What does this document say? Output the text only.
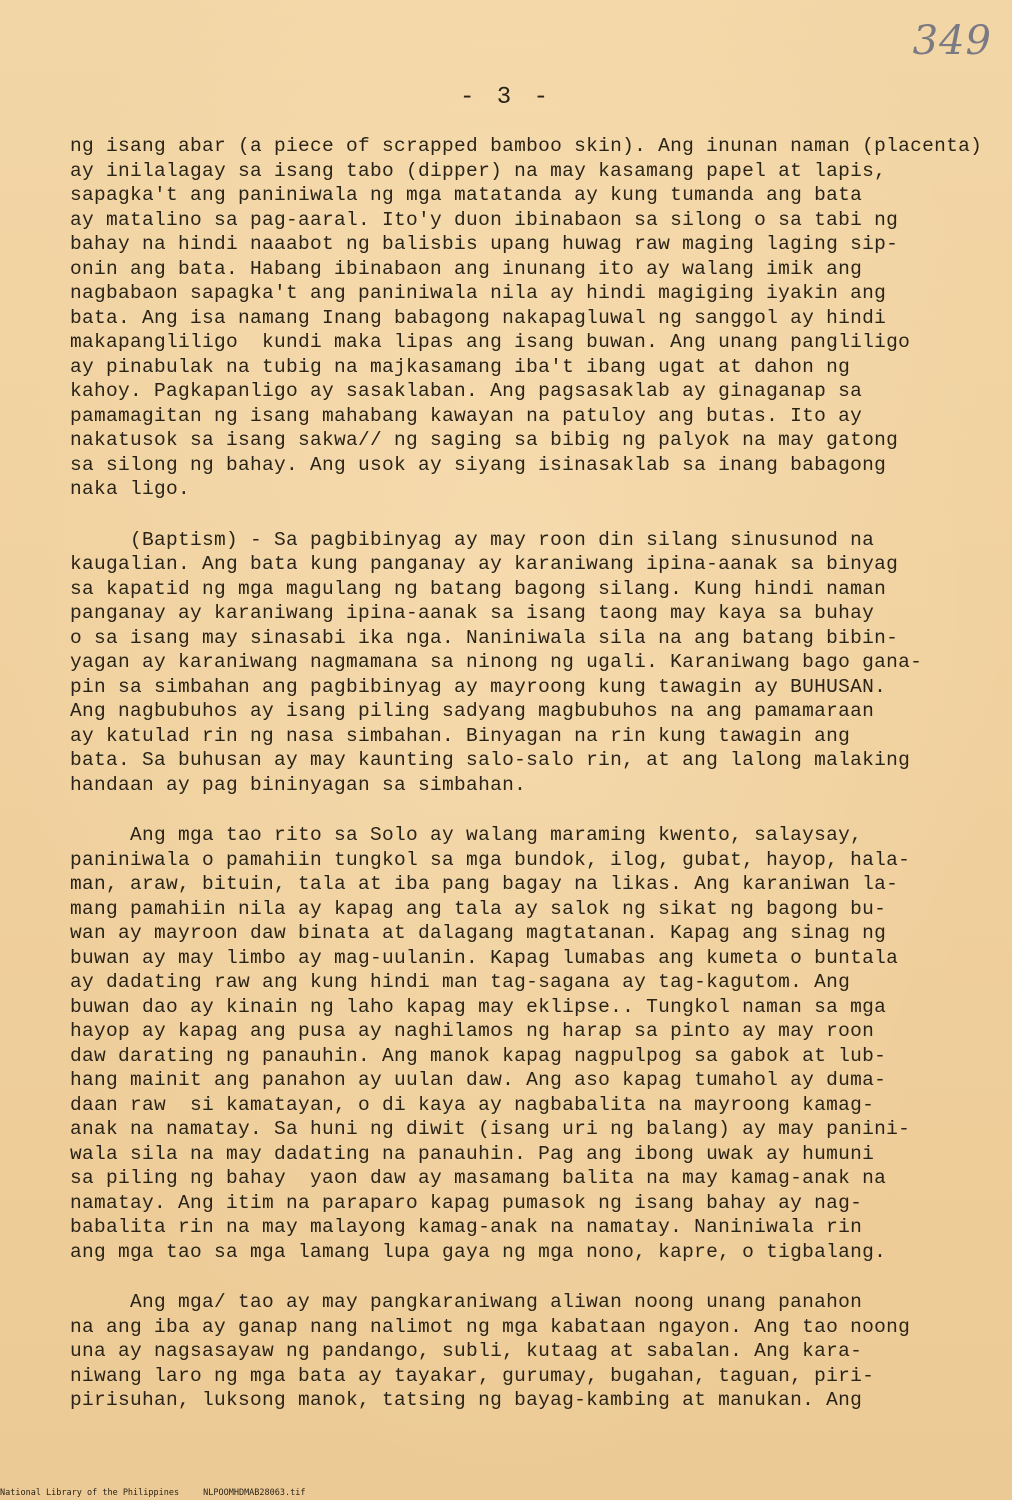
349
- 3 -
ng isang abar (a piece of scrapped bamboo skin). Ang inunan naman (placenta)
ay inilalagay sa isang tabo (dipper) na may kasamang papel at lapis,
sapagka't ang paniniwala ng mga matatanda ay kung tumanda ang bata
ay matalino sa pag-aaral. Ito'y duon ibinabaon sa silong o sa tabi ng
bahay na hindi naaabot ng balisbis upang huwag raw maging laging sip-
onin ang bata. Habang ibinabaon ang inunang ito ay walang imik ang
nagbabaon sapagka't ang paniniwala nila ay hindi magiging iyakin ang
bata. Ang isa namang Inang babagong nakapagluwal ng sanggol ay hindi
makapangliligo  kundi maka lipas ang isang buwan. Ang unang pangliligo
ay pinabulak na tubig na majkasamang iba't ibang ugat at dahon ng
kahoy. Pagkapanligo ay sasaklaban. Ang pagsasaklab ay ginaganap sa
pamamagitan ng isang mahabang kawayan na patuloy ang butas. Ito ay
nakatusok sa isang sakwa// ng saging sa bibig ng palyok na may gatong
sa silong ng bahay. Ang usok ay siyang isinasaklab sa inang babagong
naka ligo.
(Baptism) - Sa pagbibinyag ay may roon din silang sinusunod na
kaugalian. Ang bata kung panganay ay karaniwang ipina-aanak sa binyag
sa kapatid ng mga magulang ng batang bagong silang. Kung hindi naman
panganay ay karaniwang ipina-aanak sa isang taong may kaya sa buhay
o sa isang may sinasabi ika nga. Naniniwala sila na ang batang bibin-
yagan ay karaniwang nagmamana sa ninong ng ugali. Karaniwang bago gana-
pin sa simbahan ang pagbibinyag ay mayroong kung tawagin ay BUHUSAN.
Ang nagbubuhos ay isang piling sadyang magbubuhos na ang pamamaraan
ay katulad rin ng nasa simbahan. Binyagan na rin kung tawagin ang
bata. Sa buhusan ay may kaunting salo-salo rin, at ang lalong malaking
handaan ay pag bininyagan sa simbahan.
Ang mga tao rito sa Solo ay walang maraming kwento, salaysay,
paniniwala o pamahiin tungkol sa mga bundok, ilog, gubat, hayop, hala-
man, araw, bituin, tala at iba pang bagay na likas. Ang karaniwan la-
mang pamahiin nila ay kapag ang tala ay salok ng sikat ng bagong bu-
wan ay mayroon daw binata at dalagang magtatanan. Kapag ang sinag ng
buwan ay may limbo ay mag-uulanin. Kapag lumabas ang kumeta o buntala
ay dadating raw ang kung hindi man tag-sagana ay tag-kagutom. Ang
buwan dao ay kinain ng laho kapag may eklipse.. Tungkol naman sa mga
hayop ay kapag ang pusa ay naghilamos ng harap sa pinto ay may roon
daw darating ng panauhin. Ang manok kapag nagpulpog sa gabok at lub-
hang mainit ang panahon ay uulan daw. Ang aso kapag tumahol ay duma-
daan raw  si kamatayan, o di kaya ay nagbabalita na mayroong kamag-
anak na namatay. Sa huni ng diwit (isang uri ng balang) ay may panini-
wala sila na may dadating na panauhin. Pag ang ibong uwak ay humuni
sa piling ng bahay  yaon daw ay masamang balita na may kamag-anak na
namatay. Ang itim na paraparo kapag pumasok ng isang bahay ay nag-
babalita rin na may malayong kamag-anak na namatay. Naniniwala rin
ang mga tao sa mga lamang lupa gaya ng mga nono, kapre, o tigbalang.
Ang mga/ tao ay may pangkaraniwang aliwan noong unang panahon
na ang iba ay ganap nang nalimot ng mga kabataan ngayon. Ang tao noong
una ay nagsasayaw ng pandango, subli, kutaag at sabalan. Ang kara-
niwang laro ng mga bata ay tayakar, gurumay, bugahan, taguan, piri-
pirisuhan, luksong manok, tatsing ng bayag-kambing at manukan. Ang
National Library of the Philippines	NLPOOMHDMAB28063.tif
